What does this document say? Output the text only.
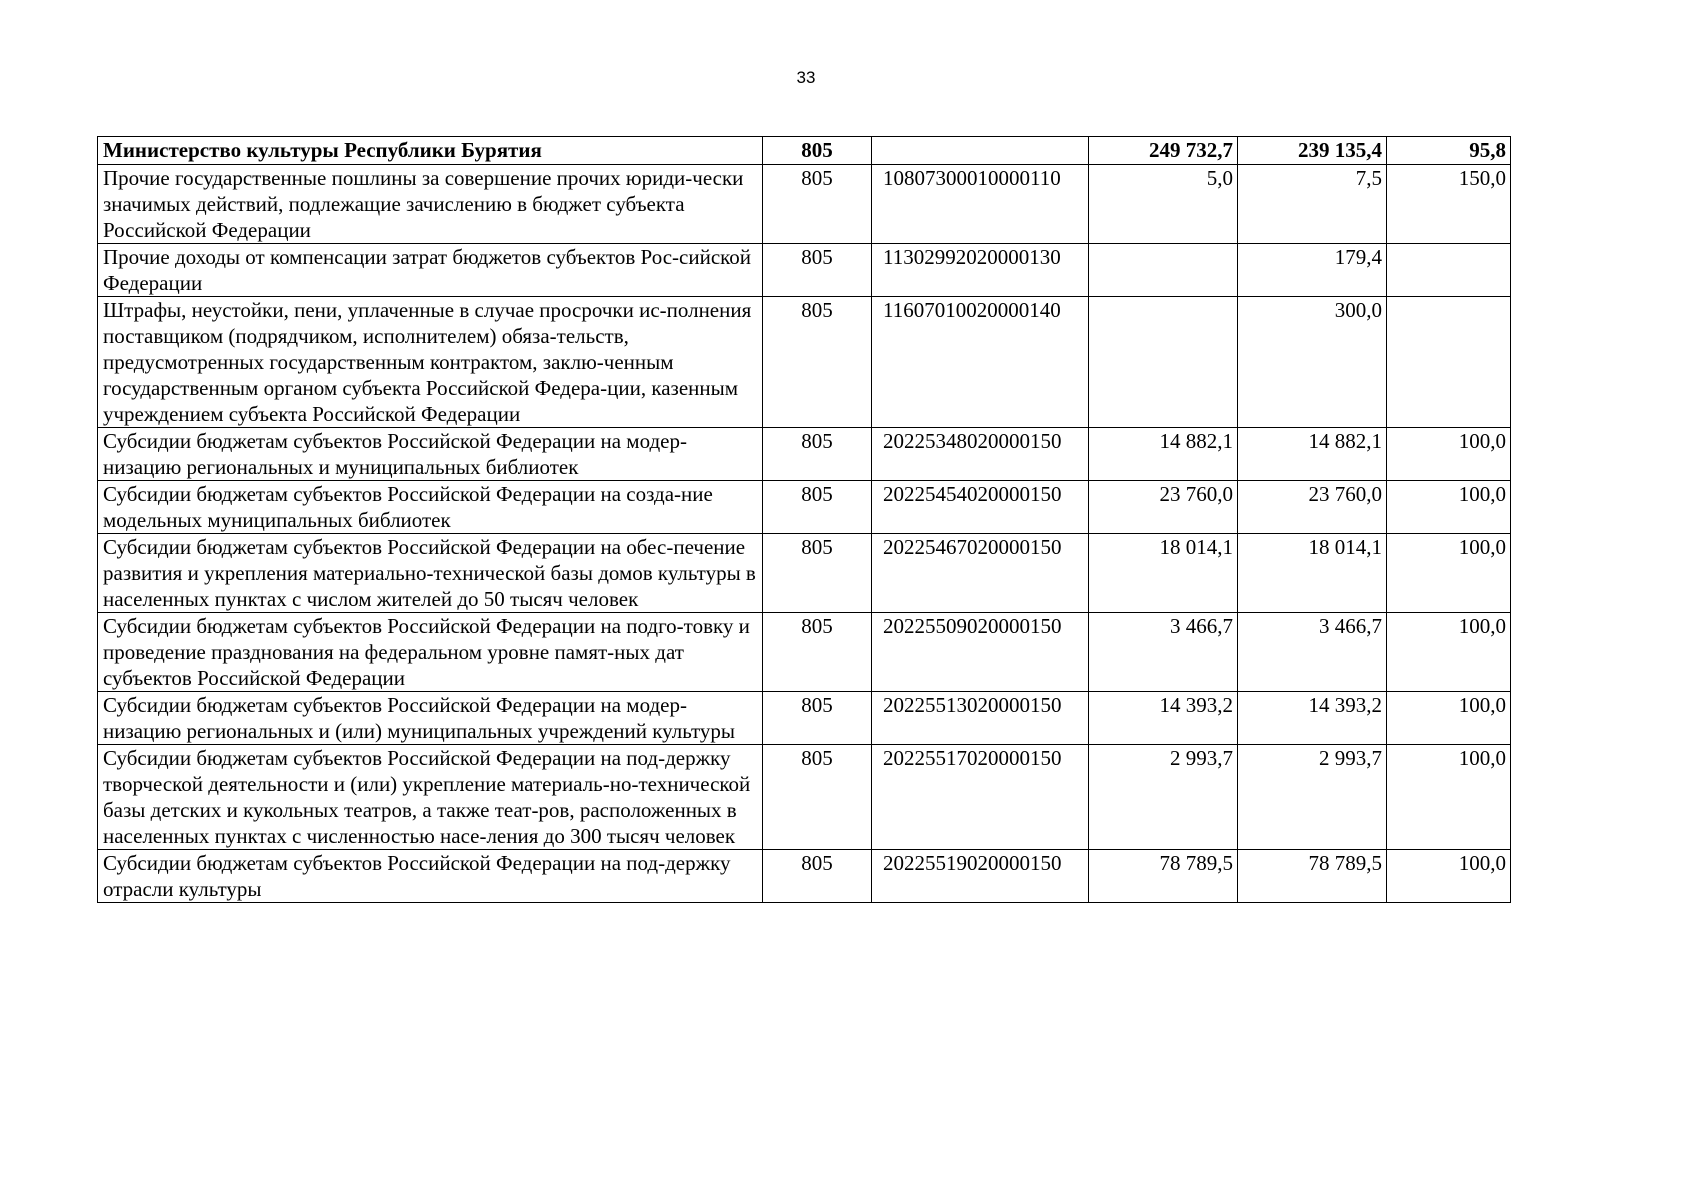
33
Министерство культуры Республики Бурятия	805		249 732,7	239 135,4	95,8
Прочие государственные пошлины за совершение прочих юриди-чески значимых действий, подлежащие зачислению в бюджет субъекта Российской Федерации	805	10807300010000110	5,0	7,5	150,0
Прочие доходы от компенсации затрат бюджетов субъектов Рос-сийской Федерации	805	11302992020000130		179,4	
Штрафы, неустойки, пени, уплаченные в случае просрочки ис-полнения поставщиком (подрядчиком, исполнителем) обяза-тельств, предусмотренных государственным контрактом, заклю-ченным государственным органом субъекта Российской Федера-ции, казенным учреждением субъекта Российской Федерации	805	11607010020000140		300,0	
Субсидии бюджетам субъектов Российской Федерации на модер-низацию региональных и муниципальных библиотек	805	20225348020000150	14 882,1	14 882,1	100,0
Субсидии бюджетам субъектов Российской Федерации на созда-ние модельных муниципальных библиотек	805	20225454020000150	23 760,0	23 760,0	100,0
Субсидии бюджетам субъектов Российской Федерации на обес-печение развития и укрепления материально-технической базы домов культуры в населенных пунктах с числом жителей до 50 тысяч человек	805	20225467020000150	18 014,1	18 014,1	100,0
Субсидии бюджетам субъектов Российской Федерации на подго-товку и проведение празднования на федеральном уровне памят-ных дат субъектов Российской Федерации	805	20225509020000150	3 466,7	3 466,7	100,0
Субсидии бюджетам субъектов Российской Федерации на модер-низацию региональных и (или) муниципальных учреждений культуры	805	20225513020000150	14 393,2	14 393,2	100,0
Субсидии бюджетам субъектов Российской Федерации на под-держку творческой деятельности и (или) укрепление материаль-но-технической базы детских и кукольных театров, а также теат-ров, расположенных в населенных пунктах с численностью насе-ления до 300 тысяч человек	805	20225517020000150	2 993,7	2 993,7	100,0
Субсидии бюджетам субъектов Российской Федерации на под-держку отрасли культуры	805	20225519020000150	78 789,5	78 789,5	100,0
